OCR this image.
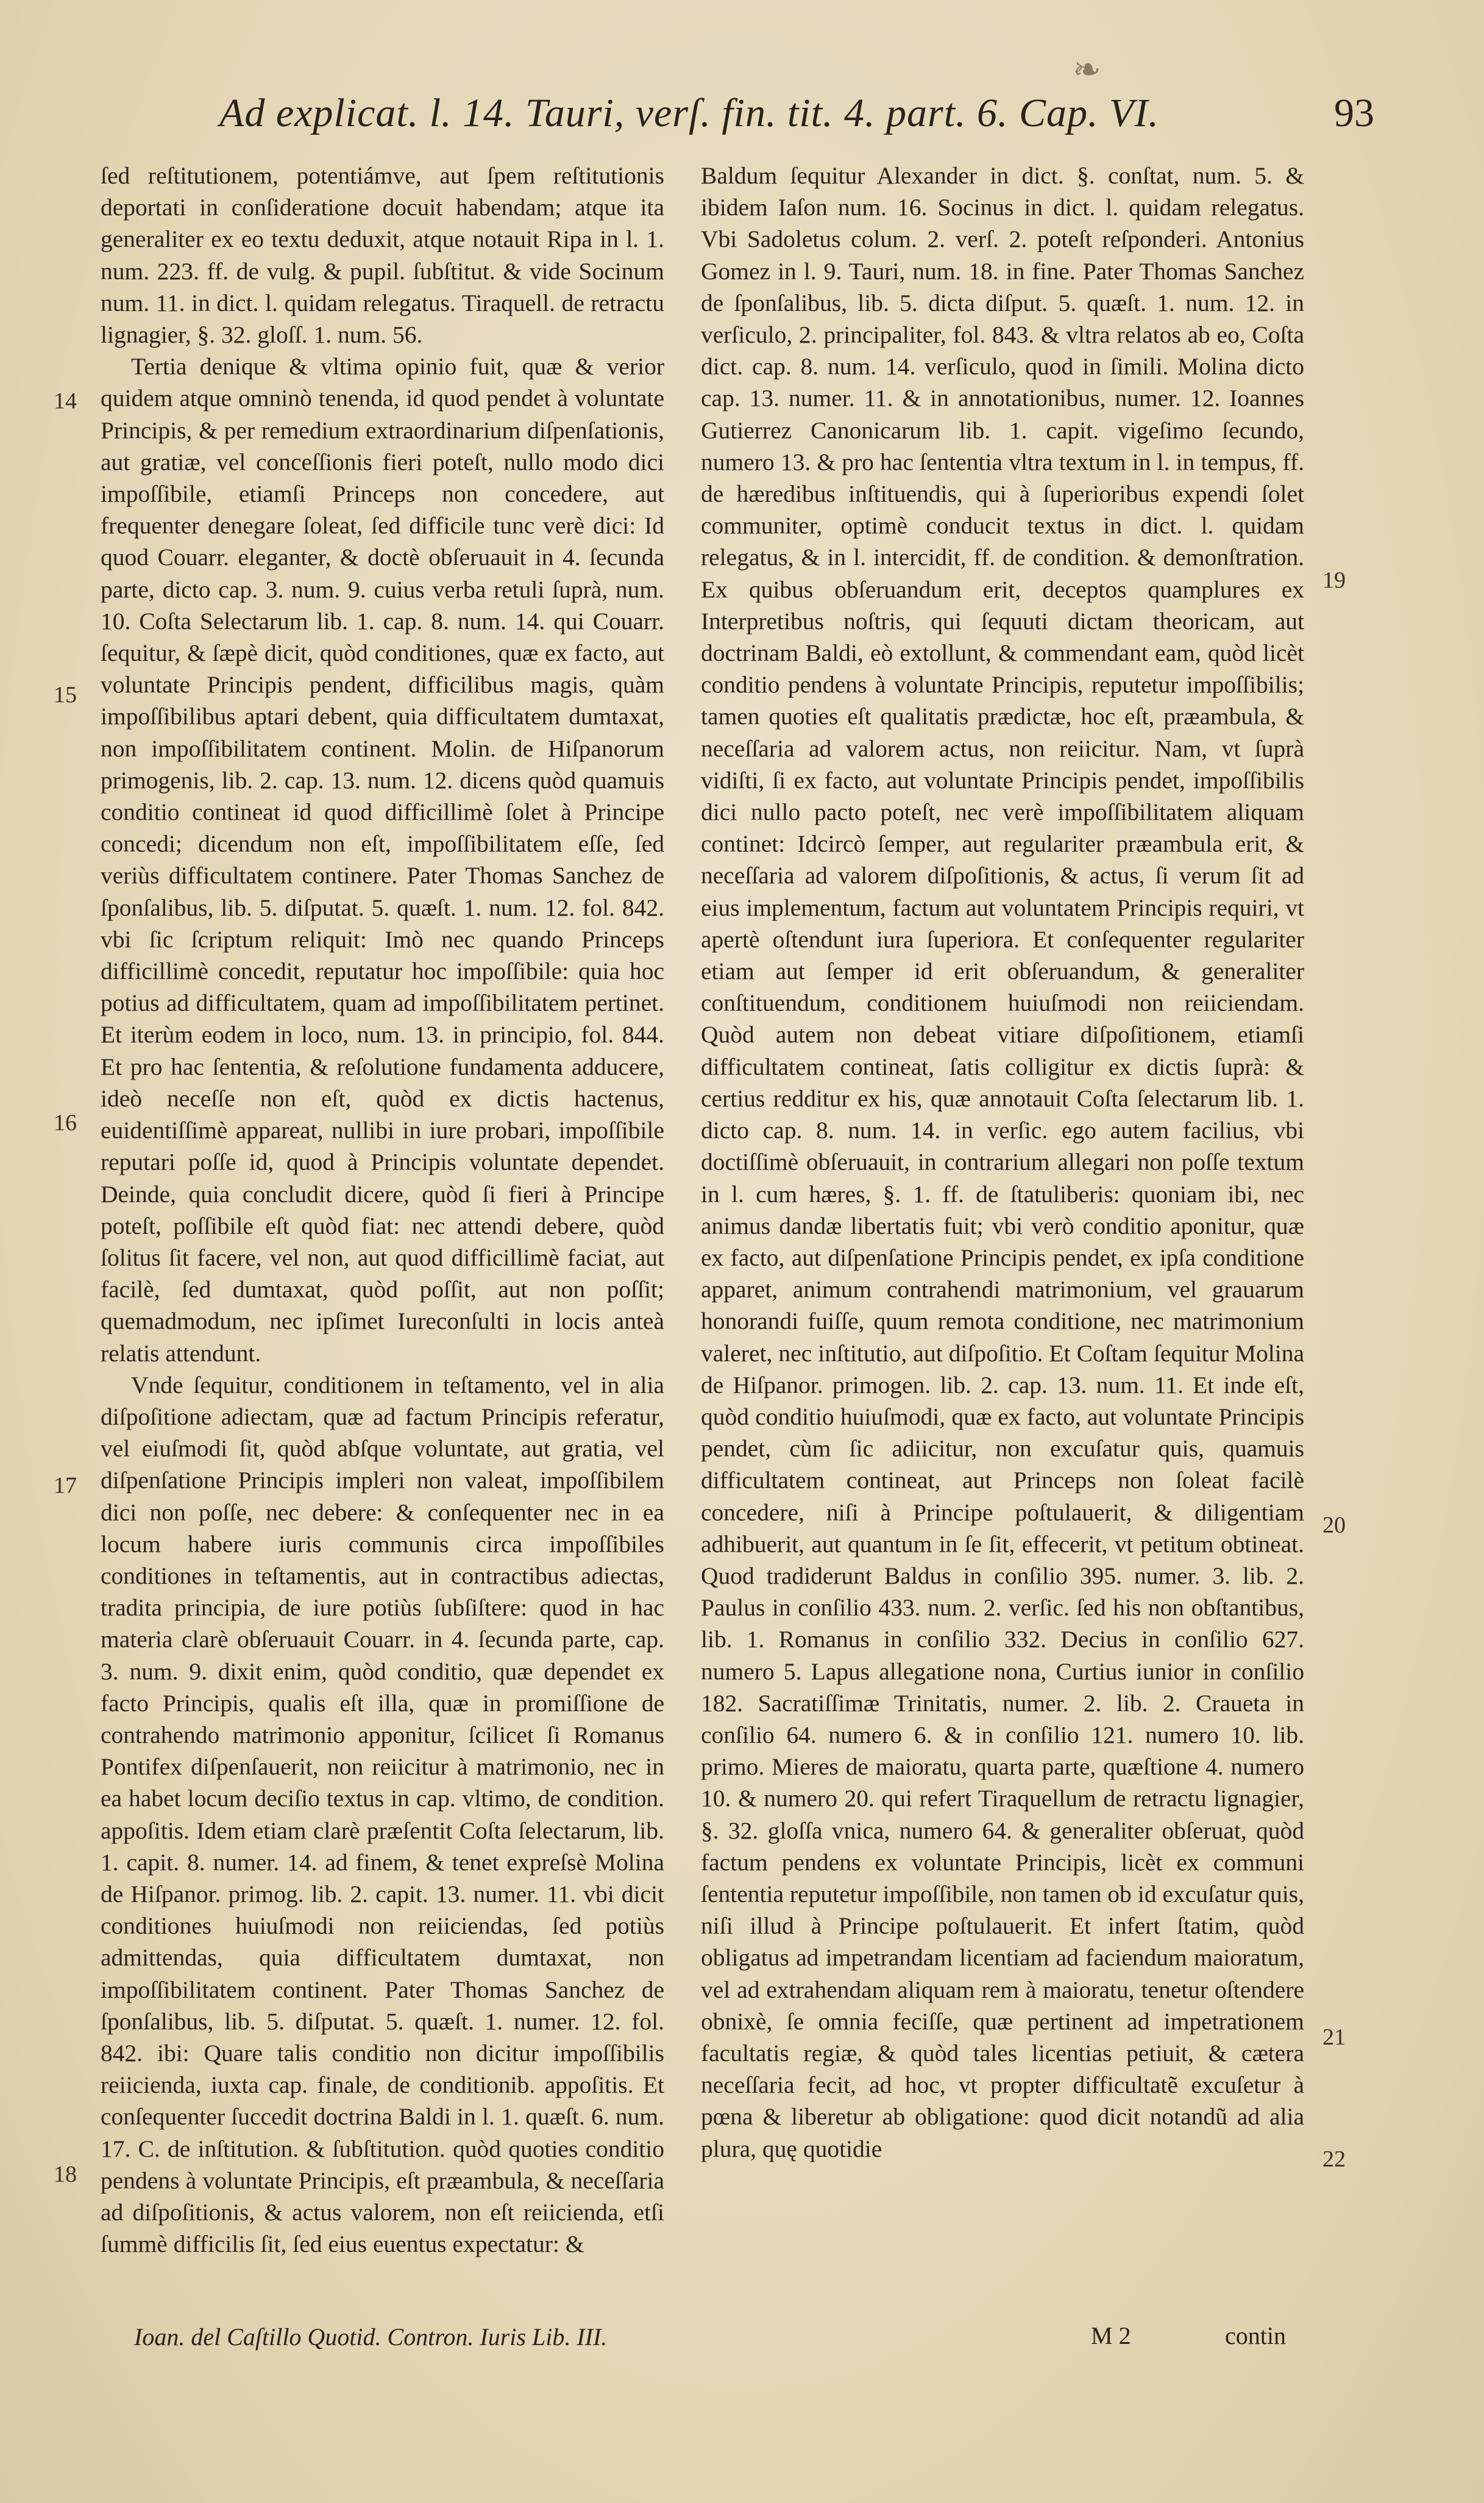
❧
Ad explicat. l. 14. Tauri, verſ. fin. tit. 4. part. 6. Cap. VI.	93

ſed reſtitutionem, potentiámve, aut ſpem reſtitutionis deportati in conſideratione docuit habendam; atque ita generaliter ex eo textu deduxit, atque notauit Ripa in l. 1. num. 223. ff. de vulg. & pupil. ſubſtitut. & vide Socinum num. 11. in dict. l. quidam relegatus. Tiraquell. de retractu lignagier, §. 32. gloſſ. 1. num. 56.

Tertia denique & vltima opinio fuit, quæ & verior quidem atque omninò tenenda, id quod pendet à voluntate Principis, & per remedium extraordinarium diſpenſationis, aut gratiæ, vel conceſſionis fieri poteſt, nullo modo dici impoſſibile, etiamſi Princeps non concedere, aut frequenter denegare ſoleat, ſed difficile tunc verè dici: Id quod Couarr. eleganter, & doctè obſeruauit in 4. ſecunda parte, dicto cap. 3. num. 9. cuius verba retuli ſuprà, num. 10. Coſta Selectarum lib. 1. cap. 8. num. 14. qui Couarr. ſequitur, & ſæpè dicit, quòd conditiones, quæ ex facto, aut voluntate Principis pendent, difficilibus magis, quàm impoſſibilibus aptari debent, quia difficultatem dumtaxat, non impoſſibilitatem continent. Molin. de Hiſpanorum primogenis, lib. 2. cap. 13. num. 12. dicens quòd quamuis conditio contineat id quod difficillimè ſolet à Principe concedi; dicendum non eſt, impoſſibilitatem eſſe, ſed veriùs difficultatem continere. Pater Thomas Sanchez de ſponſalibus, lib. 5. diſputat. 5. quæſt. 1. num. 12. fol. 842. vbi ſic ſcriptum reliquit: Imò nec quando Princeps difficillimè concedit, reputatur hoc impoſſibile: quia hoc potius ad difficultatem, quam ad impoſſibilitatem pertinet. Et iterùm eodem in loco, num. 13. in principio, fol. 844. Et pro hac ſententia, & reſolutione fundamenta adducere, ideò neceſſe non eſt, quòd ex dictis hactenus, euidentiſſimè appareat, nullibi in iure probari, impoſſibile reputari poſſe id, quod à Principis voluntate dependet. Deinde, quia concludit dicere, quòd ſi fieri à Principe poteſt, poſſibile eſt quòd fiat: nec attendi debere, quòd ſolitus ſit facere, vel non, aut quod difficillimè faciat, aut facilè, ſed dumtaxat, quòd poſſit, aut non poſſit; quemadmodum, nec ipſimet Iureconſulti in locis anteà relatis attendunt.

Vnde ſequitur, conditionem in teſtamento, vel in alia diſpoſitione adiectam, quæ ad factum Principis referatur, vel eiuſmodi ſit, quòd abſque voluntate, aut gratia, vel diſpenſatione Principis impleri non valeat, impoſſibilem dici non poſſe, nec debere: & conſequenter nec in ea locum habere iuris communis circa impoſſibiles conditiones in teſtamentis, aut in contractibus adiectas, tradita principia, de iure potiùs ſubſiſtere: quod in hac materia clarè obſeruauit Couarr. in 4. ſecunda parte, cap. 3. num. 9. dixit enim, quòd conditio, quæ dependet ex facto Principis, qualis eſt illa, quæ in promiſſione de contrahendo matrimonio apponitur, ſcilicet ſi Romanus Pontifex diſpenſauerit, non reiicitur à matrimonio, nec in ea habet locum deciſio textus in cap. vltimo, de condition. appoſitis. Idem etiam clarè præſentit Coſta ſelectarum, lib. 1. capit. 8. numer. 14. ad finem, & tenet expreſsè Molina de Hiſpanor. primog. lib. 2. capit. 13. numer. 11. vbi dicit conditiones huiuſmodi non reiiciendas, ſed potiùs admittendas, quia difficultatem dumtaxat, non impoſſibilitatem continent. Pater Thomas Sanchez de ſponſalibus, lib. 5. diſputat. 5. quæſt. 1. numer. 12. fol. 842. ibi: Quare talis conditio non dicitur impoſſibilis reiicienda, iuxta cap. finale, de conditionib. appoſitis. Et conſequenter ſuccedit doctrina Baldi in l. 1. quæſt. 6. num. 17. C. de inſtitution. & ſubſtitution. quòd quoties conditio pendens à voluntate Principis, eſt præambula, & neceſſaria ad diſpoſitionis, & actus valorem, non eſt reiicienda, etſi ſummè difficilis ſit, ſed eius euentus expectatur: &

Baldum ſequitur Alexander in dict. §. conſtat, num. 5. & ibidem Iaſon num. 16. Socinus in dict. l. quidam relegatus. Vbi Sadoletus colum. 2. verſ. 2. poteſt reſponderi. Antonius Gomez in l. 9. Tauri, num. 18. in fine. Pater Thomas Sanchez de ſponſalibus, lib. 5. dicta diſput. 5. quæſt. 1. num. 12. in verſiculo, 2. principaliter, fol. 843. & vltra relatos ab eo, Coſta dict. cap. 8. num. 14. verſiculo, quod in ſimili. Molina dicto cap. 13. numer. 11. & in annotationibus, numer. 12. Ioannes Gutierrez Canonicarum lib. 1. capit. vigeſimo ſecundo, numero 13. & pro hac ſententia vltra textum in l. in tempus, ff. de hæredibus inſtituendis, qui à ſuperioribus expendi ſolet communiter, optimè conducit textus in dict. l. quidam relegatus, & in l. intercidit, ff. de condition. & demonſtration. Ex quibus obſeruandum erit, deceptos quamplures ex Interpretibus noſtris, qui ſequuti dictam theoricam, aut doctrinam Baldi, eò extollunt, & commendant eam, quòd licèt conditio pendens à voluntate Principis, reputetur impoſſibilis; tamen quoties eſt qualitatis prædictæ, hoc eſt, præambula, & neceſſaria ad valorem actus, non reiicitur. Nam, vt ſuprà vidiſti, ſi ex facto, aut voluntate Principis pendet, impoſſibilis dici nullo pacto poteſt, nec verè impoſſibilitatem aliquam continet: Idcircò ſemper, aut regulariter præambula erit, & neceſſaria ad valorem diſpoſitionis, & actus, ſi verum ſit ad eius implementum, factum aut voluntatem Principis requiri, vt apertè oſtendunt iura ſuperiora. Et conſequenter regulariter etiam aut ſemper id erit obſeruandum, & generaliter conſtituendum, conditionem huiuſmodi non reiiciendam. Quòd autem non debeat vitiare diſpoſitionem, etiamſi difficultatem contineat, ſatis colligitur ex dictis ſuprà: & certius redditur ex his, quæ annotauit Coſta ſelectarum lib. 1. dicto cap. 8. num. 14. in verſic. ego autem facilius, vbi doctiſſimè obſeruauit, in contrarium allegari non poſſe textum in l. cum hæres, §. 1. ff. de ſtatuliberis: quoniam ibi, nec animus dandæ libertatis fuit; vbi verò conditio aponitur, quæ ex facto, aut diſpenſatione Principis pendet, ex ipſa conditione apparet, animum contrahendi matrimonium, vel grauarum honorandi fuiſſe, quum remota conditione, nec matrimonium valeret, nec inſtitutio, aut diſpoſitio. Et Coſtam ſequitur Molina de Hiſpanor. primogen. lib. 2. cap. 13. num. 11. Et inde eſt, quòd conditio huiuſmodi, quæ ex facto, aut voluntate Principis pendet, cùm ſic adiicitur, non excuſatur quis, quamuis difficultatem contineat, aut Princeps non ſoleat facilè concedere, niſi à Principe poſtulauerit, & diligentiam adhibuerit, aut quantum in ſe ſit, effecerit, vt petitum obtineat. Quod tradiderunt Baldus in conſilio 395. numer. 3. lib. 2. Paulus in conſilio 433. num. 2. verſic. ſed his non obſtantibus, lib. 1. Romanus in conſilio 332. Decius in conſilio 627. numero 5. Lapus allegatione nona, Curtius iunior in conſilio 182. Sacratiſſimæ Trinitatis, numer. 2. lib. 2. Craueta in conſilio 64. numero 6. & in conſilio 121. numero 10. lib. primo. Mieres de maioratu, quarta parte, quæſtione 4. numero 10. & numero 20. qui refert Tiraquellum de retractu lignagier, §. 32. gloſſa vnica, numero 64. & generaliter obſeruat, quòd factum pendens ex voluntate Principis, licèt ex communi ſententia reputetur impoſſibile, non tamen ob id excuſatur quis, niſi illud à Principe poſtulauerit. Et infert ſtatim, quòd obligatus ad impetrandam licentiam ad faciendum maioratum, vel ad extrahendam aliquam rem à maioratu, tenetur oſtendere obnixè, ſe omnia feciſſe, quæ pertinent ad impetrationem facultatis regiæ, & quòd tales licentias petiuit, & cætera neceſſaria fecit, ad hoc, vt propter difficultatẽ excuſetur à pœna & liberetur ab obligatione: quod dicit notandũ ad alia plura, quę quotidie

14
15
16
17
18
19
20
21
22
Ioan. del Caſtillo Quotid. Contron. Iuris Lib. III.	M 2	contin
